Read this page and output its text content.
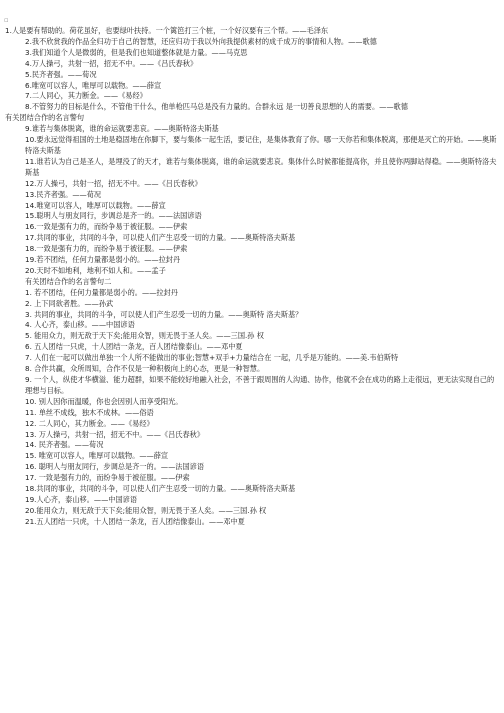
▫
1.人是要有帮助的。荷花虽好，也要绿叶扶持。一个篱笆打三个桩，一个好汉要有三个帮。——毛泽东
2.我不欣赏我的作品全归功于自己的智慧，还应归功于我以外向我提供素材的成千成万的事情和人物。——歌德
3.我们知道个人是微弱的，但是我们也知道整体就是力量。——马克思
4.万人操弓，共射一招，招无不中。——《吕氏春秋》
5.民齐者强。——荀况
6.唯宽可以容人，唯厚可以载物。——薛宣
7.二人同心，其力断金。——《易经》
8.不管努力的目标是什么，不管他干什么，他单枪匹马总是没有力量的。合群永远 是一切善良思想的人的需要。——歌德
有关团结合作的名言警句
9.谁若与集体脱离，谁的命运就要悲哀。——奥斯特洛夫斯基
10.要永远觉得祖国的土地是稳固地在你脚下，要与集体一起生活，要记住，是集体教育了你。哪一天你若和集体脱离，那便是灭亡的开始。——奥斯特洛夫斯基
11.谁若认为自己是圣人，是埋没了的天才，谁若与集体脱离，谁的命运就要悲哀。集体什么时候都能提高你，并且使你两脚站得稳。——奥斯特洛夫斯基
12.万人操弓，共射一招，招无不中。——《吕氏春秋》
13.民齐者强。——荀况
14.唯宽可以容人，唯厚可以载物。——薛宣
15.聪明人与朋友同行，步调总是齐一的。——法国谚语
16.一致是强有力的，而纷争易于被征服。——伊索
17.共同的事业，共同的斗争，可以使人们产生忍受一切的力量。——奥斯特洛夫斯基
18.一致是强有力的，而纷争易于被征服。——伊索
19.若不团结，任何力量都是弱小的。——拉封丹
20.天时不如地利，地利不如人和。——孟子
有关团结合作的名言警句二
1. 若不团结，任何力量都是弱小的。——拉封丹
2. 上下同欲者胜。——孙武
3. 共同的事业，共同的斗争，可以使人们产生忍受一切的力量。——奥斯特 洛夫斯基？
4. 人心齐，泰山移。——中国谚语
5. 能用众力，则无敌于天下矣;能用众智，则无畏于圣人矣。——三国.孙 权
6. 五人团结一只虎，十人团结一条龙，百人团结像泰山。——邓中夏
7. 人们在一起可以做出单独一个人所不能做出的事业;智慧+双手+力量结合在 一起，几乎是万能的。——美.韦伯斯特
8. 合作共赢，众所周知，合作不仅是一种积极向上的心态，更是一种智慧。
9. 一个人，纵使才华横溢、能力超群，如果不能较好地融入社会，不善于跟周围的人沟通、协作，他就不会在成功的路上走很远，更无法实现自己的理想与目标。
10. 别人因你而温暖，你也会因别人而享受阳光。
11. 单丝不成线，独木不成林。——俗语
12. 二人同心，其力断金。——《易经》
13. 万人操弓，共射一招，招无不中。——《吕氏春秋》
14. 民齐者强。——荀况
15. 唯宽可以容人，唯厚可以载物。——薛宣
16. 聪明人与朋友同行，步调总是齐一的。——法国谚语
17. 一致是强有力的，而纷争易于被征服。——伊索
18.共同的事业，共同的斗争，可以使人们产生忍受一切的力量。——奥斯特洛夫斯基
19.人心齐，泰山移。——中国谚语
20.能用众力，则无敌于天下矣;能用众智，则无畏于圣人矣。——三国.孙 权
21.五人团结一只虎，十人团结一条龙，百人团结像泰山。——邓中夏
